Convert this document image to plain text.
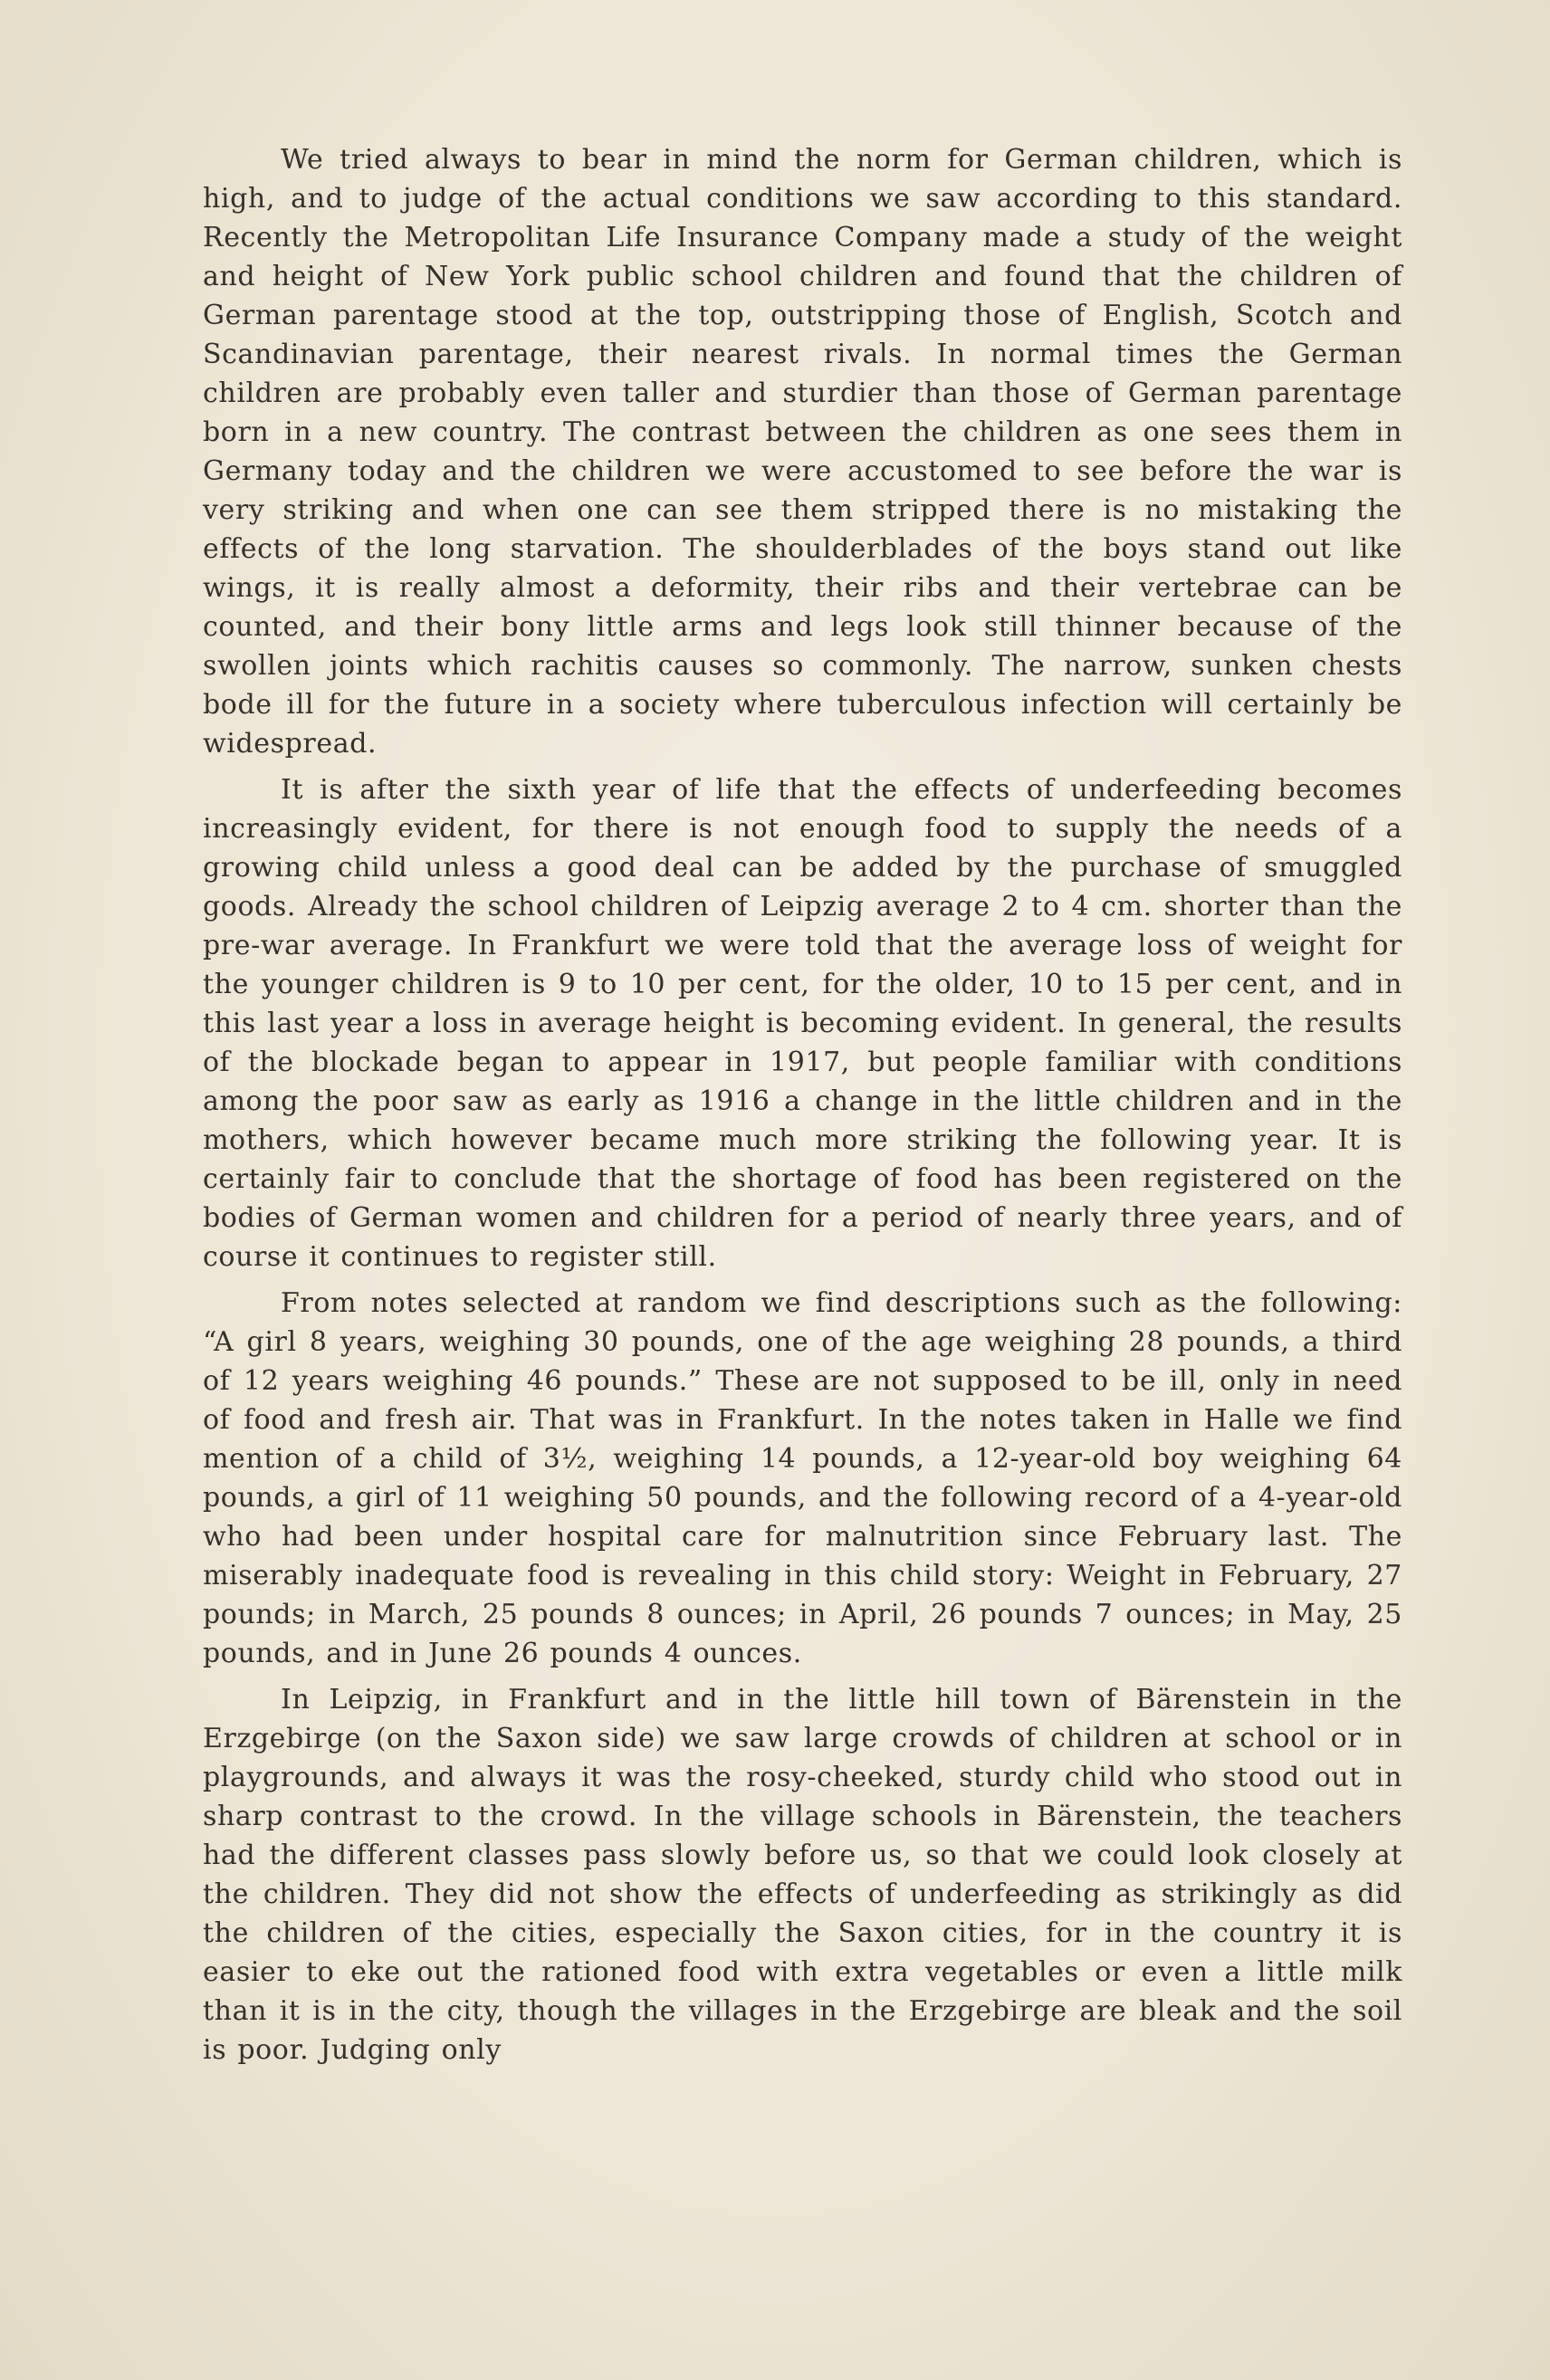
We tried always to bear in mind the norm for German children, which is high, and to judge of the actual conditions we saw according to this standard. Recently the Metropolitan Life Insurance Company made a study of the weight and height of New York public school children and found that the children of German parentage stood at the top, outstripping those of English, Scotch and Scandinavian parentage, their nearest rivals. In normal times the German children are probably even taller and sturdier than those of German parentage born in a new country. The contrast between the children as one sees them in Germany today and the children we were accustomed to see before the war is very striking and when one can see them stripped there is no mistaking the effects of the long starvation. The shoulderblades of the boys stand out like wings, it is really almost a deformity, their ribs and their vertebrae can be counted, and their bony little arms and legs look still thinner because of the swollen joints which rachitis causes so commonly. The narrow, sunken chests bode ill for the future in a society where tuberculous infection will certainly be widespread.

It is after the sixth year of life that the effects of underfeeding becomes increasingly evident, for there is not enough food to supply the needs of a growing child unless a good deal can be added by the purchase of smuggled goods. Already the school children of Leipzig average 2 to 4 cm. shorter than the pre-war average. In Frankfurt we were told that the average loss of weight for the younger children is 9 to 10 per cent, for the older, 10 to 15 per cent, and in this last year a loss in average height is becoming evident. In general, the results of the blockade began to appear in 1917, but people familiar with conditions among the poor saw as early as 1916 a change in the little children and in the mothers, which however became much more striking the following year. It is certainly fair to conclude that the shortage of food has been registered on the bodies of German women and children for a period of nearly three years, and of course it continues to register still.

From notes selected at random we find descriptions such as the following: “A girl 8 years, weighing 30 pounds, one of the age weighing 28 pounds, a third of 12 years weighing 46 pounds.” These are not supposed to be ill, only in need of food and fresh air. That was in Frankfurt. In the notes taken in Halle we find mention of a child of 3½, weighing 14 pounds, a 12-year-old boy weighing 64 pounds, a girl of 11 weighing 50 pounds, and the following record of a 4-year-old who had been under hospital care for malnutrition since February last. The miserably inadequate food is revealing in this child story: Weight in February, 27 pounds; in March, 25 pounds 8 ounces; in April, 26 pounds 7 ounces; in May, 25 pounds, and in June 26 pounds 4 ounces.

In Leipzig, in Frankfurt and in the little hill town of Bärenstein in the Erzgebirge (on the Saxon side) we saw large crowds of children at school or in playgrounds, and always it was the rosy-cheeked, sturdy child who stood out in sharp contrast to the crowd. In the village schools in Bärenstein, the teachers had the different classes pass slowly before us, so that we could look closely at the children. They did not show the effects of underfeeding as strikingly as did the children of the cities, especially the Saxon cities, for in the country it is easier to eke out the rationed food with extra vegetables or even a little milk than it is in the city, though the villages in the Erzgebirge are bleak and the soil is poor. Judging only
